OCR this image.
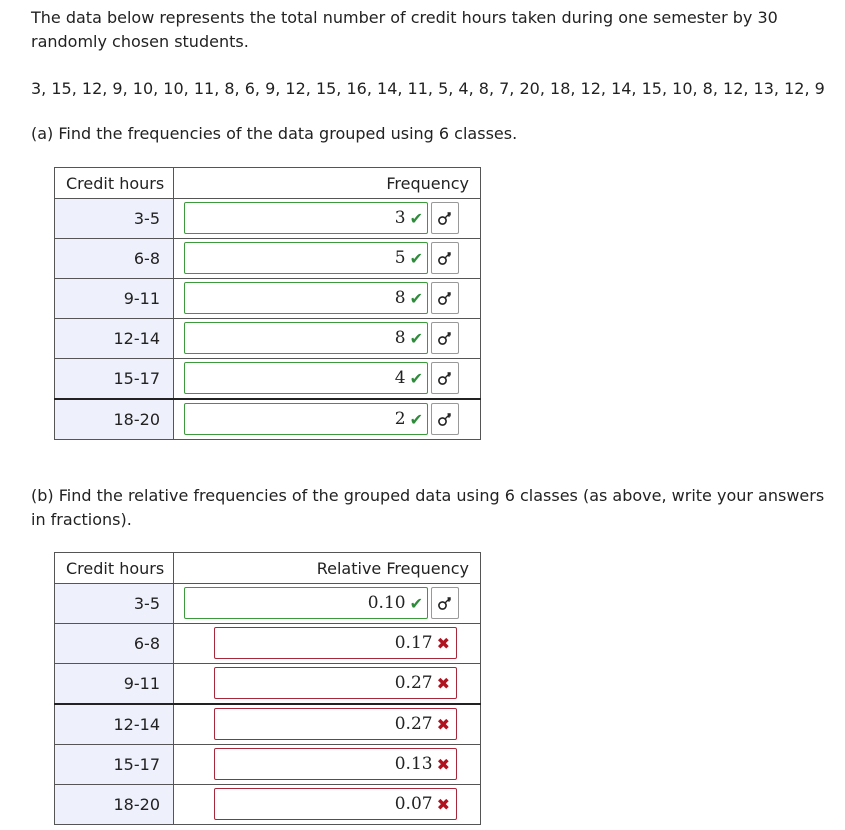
The data below represents the total number of credit hours taken during one semester by 30 randomly chosen students.

3, 15, 12, 9, 10, 10, 11, 8, 6, 9, 12, 15, 16, 14, 11, 5, 4, 8, 7, 20, 18, 12, 14, 15, 10, 8, 12, 13, 12, 9

(a) Find the frequencies of the data grouped using 6 classes.

Credit hours	Frequency
3-5	3 ✔

6-8	5 ✔

9-11	8 ✔

12-14	8 ✔

15-17	4 ✔

18-20	2 ✔

(b) Find the relative frequencies of the grouped data using 6 classes (as above, write your answers in fractions).

Credit hours	Relative Frequency
3-5	0.10 ✔

6-8	0.17 ✖

9-11	0.27 ✖

12-14	0.27 ✖

15-17	0.13 ✖

18-20	0.07 ✖
